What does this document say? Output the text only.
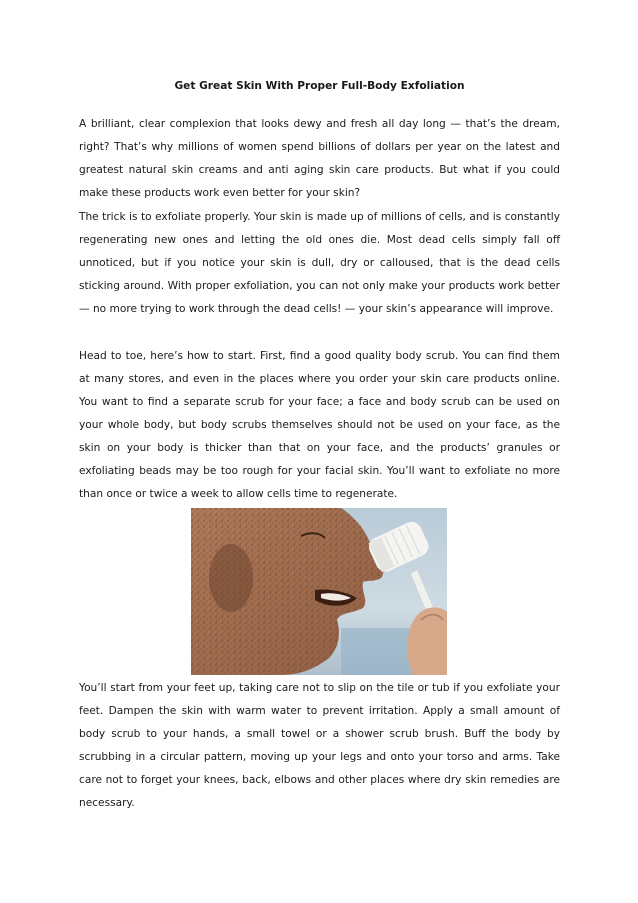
Get Great Skin With Proper Full-Body Exfoliation

A brilliant, clear complexion that looks dewy and fresh all day long — that’s the dream, right? That’s why millions of women spend billions of dollars per year on the latest and greatest natural skin creams and anti aging skin care products. But what if you could make these products work even better for your skin?

The trick is to exfoliate properly. Your skin is made up of millions of cells, and is constantly regenerating new ones and letting the old ones die. Most dead cells simply fall off unnoticed, but if you notice your skin is dull, dry or calloused, that is the dead cells sticking around. With proper exfoliation, you can not only make your products work better — no more trying to work through the dead cells! — your skin’s appearance will improve.

Head to toe, here’s how to start. First, find a good quality body scrub. You can find them at many stores, and even in the places where you order your skin care products online. You want to find a separate scrub for your face; a face and body scrub can be used on your whole body, but body scrubs themselves should not be used on your face, as the skin on your body is thicker than that on your face, and the products’ granules or exfoliating beads may be too rough for your facial skin. You’ll want to exfoliate no more than once or twice a week to allow cells time to regenerate.

You’ll start from your feet up, taking care not to slip on the tile or tub if you exfoliate your feet. Dampen the skin with warm water to prevent irritation. Apply a small amount of body scrub to your hands, a small towel or a shower scrub brush. Buff the body by scrubbing in a circular pattern, moving up your legs and onto your torso and arms. Take care not to forget your knees, back, elbows and other places where dry skin remedies are necessary.
